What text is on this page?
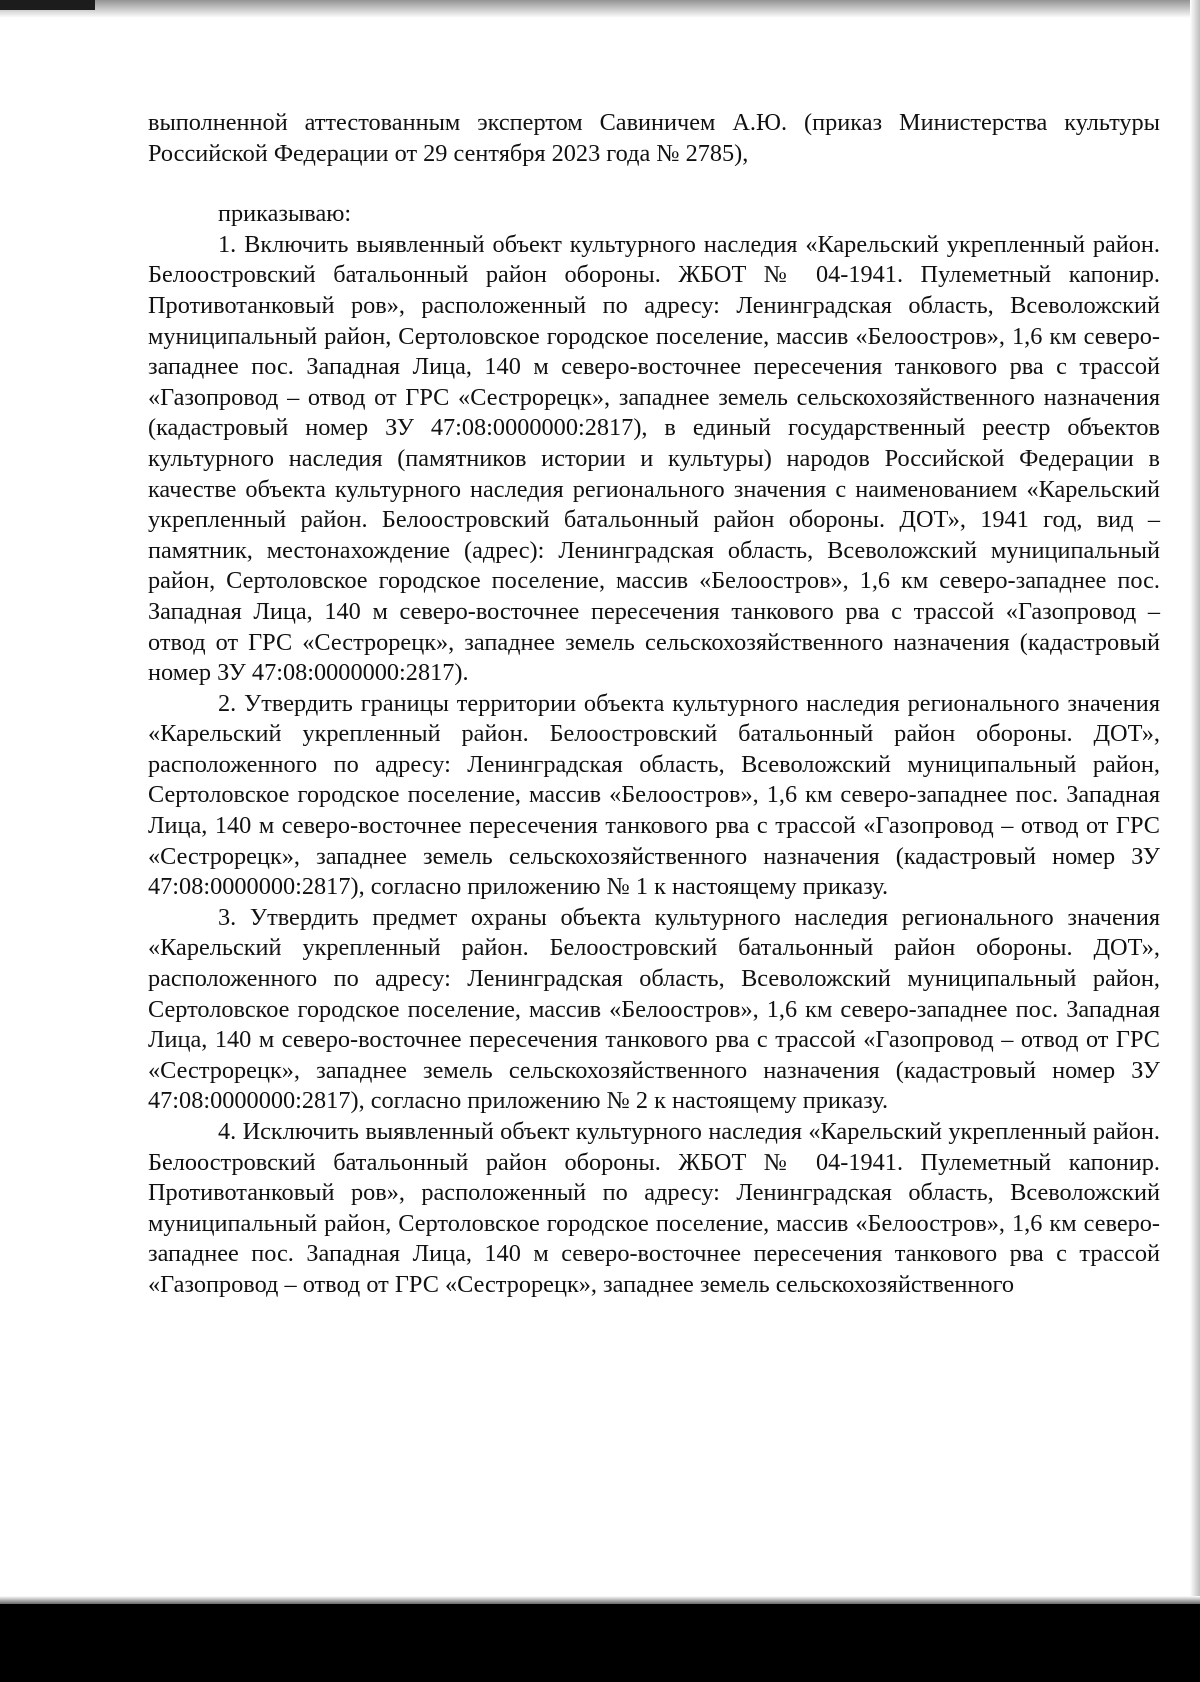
выполненной аттестованным экспертом Савиничем А.Ю. (приказ Министерства культуры Российской Федерации от 29 сентября 2023 года № 2785),

приказываю:

1. Включить выявленный объект культурного наследия «Карельский укрепленный район. Белоостровский батальонный район обороны. ЖБОТ № 04-1941. Пулеметный капонир. Противотанковый ров», расположенный по адресу: Ленинградская область, Всеволожский муниципальный район, Сертоловское городское поселение, массив «Белоостров», 1,6 км северо-западнее пос. Западная Лица, 140 м северо-восточнее пересечения танкового рва с трассой «Газопровод – отвод от ГРС «Сестрорецк», западнее земель сельскохозяйственного назначения (кадастровый номер ЗУ 47:08:0000000:2817), в единый государственный реестр объектов культурного наследия (памятников истории и культуры) народов Российской Федерации в качестве объекта культурного наследия регионального значения с наименованием «Карельский укрепленный район. Белоостровский батальонный район обороны. ДОТ», 1941 год, вид – памятник, местонахождение (адрес): Ленинградская область, Всеволожский муниципальный район, Сертоловское городское поселение, массив «Белоостров», 1,6 км северо-западнее пос. Западная Лица, 140 м северо-восточнее пересечения танкового рва с трассой «Газопровод – отвод от ГРС «Сестрорецк», западнее земель сельскохозяйственного назначения (кадастровый номер ЗУ 47:08:0000000:2817).

2. Утвердить границы территории объекта культурного наследия регионального значения «Карельский укрепленный район. Белоостровский батальонный район обороны. ДОТ», расположенного по адресу: Ленинградская область, Всеволожский муниципальный район, Сертоловское городское поселение, массив «Белоостров», 1,6 км северо-западнее пос. Западная Лица, 140 м северо-восточнее пересечения танкового рва с трассой «Газопровод – отвод от ГРС «Сестрорецк», западнее земель сельскохозяйственного назначения (кадастровый номер ЗУ 47:08:0000000:2817), согласно приложению № 1 к настоящему приказу.

3. Утвердить предмет охраны объекта культурного наследия регионального значения «Карельский укрепленный район. Белоостровский батальонный район обороны. ДОТ», расположенного по адресу: Ленинградская область, Всеволожский муниципальный район, Сертоловское городское поселение, массив «Белоостров», 1,6 км северо-западнее пос. Западная Лица, 140 м северо-восточнее пересечения танкового рва с трассой «Газопровод – отвод от ГРС «Сестрорецк», западнее земель сельскохозяйственного назначения (кадастровый номер ЗУ 47:08:0000000:2817), согласно приложению № 2 к настоящему приказу.

4. Исключить выявленный объект культурного наследия «Карельский укрепленный район. Белоостровский батальонный район обороны. ЖБОТ № 04-1941. Пулеметный капонир. Противотанковый ров», расположенный по адресу: Ленинградская область, Всеволожский муниципальный район, Сертоловское городское поселение, массив «Белоостров», 1,6 км северо-западнее пос. Западная Лица, 140 м северо-восточнее пересечения танкового рва с трассой «Газопровод – отвод от ГРС «Сестрорецк», западнее земель сельскохозяйственного
